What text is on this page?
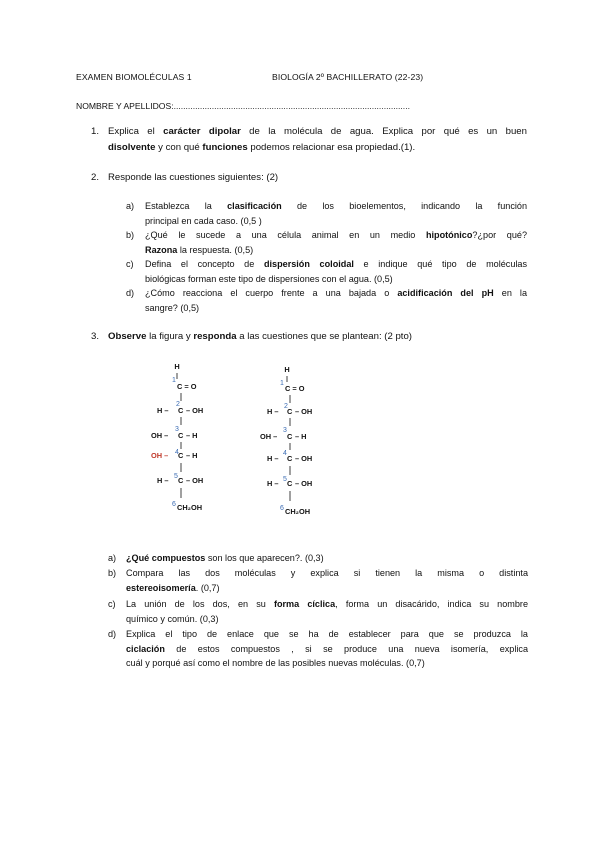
EXAMEN BIOMOLÉCULAS 1	BIOLOGÍA 2º BACHILLERATO (22-23)
NOMBRE Y APELLIDOS:...................................................................................................
1. Explica el carácter dipolar de la molécula de agua. Explica por qué es un buen
disolvente y con qué funciones podemos relacionar esa propiedad.(1).
2. Responde las cuestiones siguientes: (2)
a) Establezca la clasificación de los bioelementos, indicando la función
principal en cada caso. (0,5 )
b) ¿Qué le sucede a una célula animal en un medio hipotónico?¿por qué?
Razona la respuesta. (0,5)
c) Defina el concepto de dispersión coloidal e indique qué tipo de moléculas
biológicas forman este tipo de dispersiones con el agua. (0,5)
d) ¿Cómo reacciona el cuerpo frente a una bajada o acidificación del pH en la
sangre? (0,5)
3. Observe la figura y responda a las cuestiones que se plantean: (2 pto)
H
1
C = O
2
H – C – OH
3
OH – C – H
4
OH – C – H
5
H – C – OH
6 CH₂OH
H
1
C = O
2
H – C – OH
3
OH – C – H
4
H – C – OH
5
H – C – OH
6 CH₂OH
a) ¿Qué compuestos son los que aparecen?. (0,3)
b) Compara las dos moléculas y explica si tienen la misma o distinta
estereoisomería. (0,7)
c) La unión de los dos, en su forma cíclica, forma un disacárido, indica su nombre
químico y común. (0,3)
d) Explica el tipo de enlace que se ha de establecer para que se produzca la
ciclación de estos compuestos , si se produce una nueva isomería, explica
cuál y porqué así como el nombre de las posibles nuevas moléculas. (0,7)
